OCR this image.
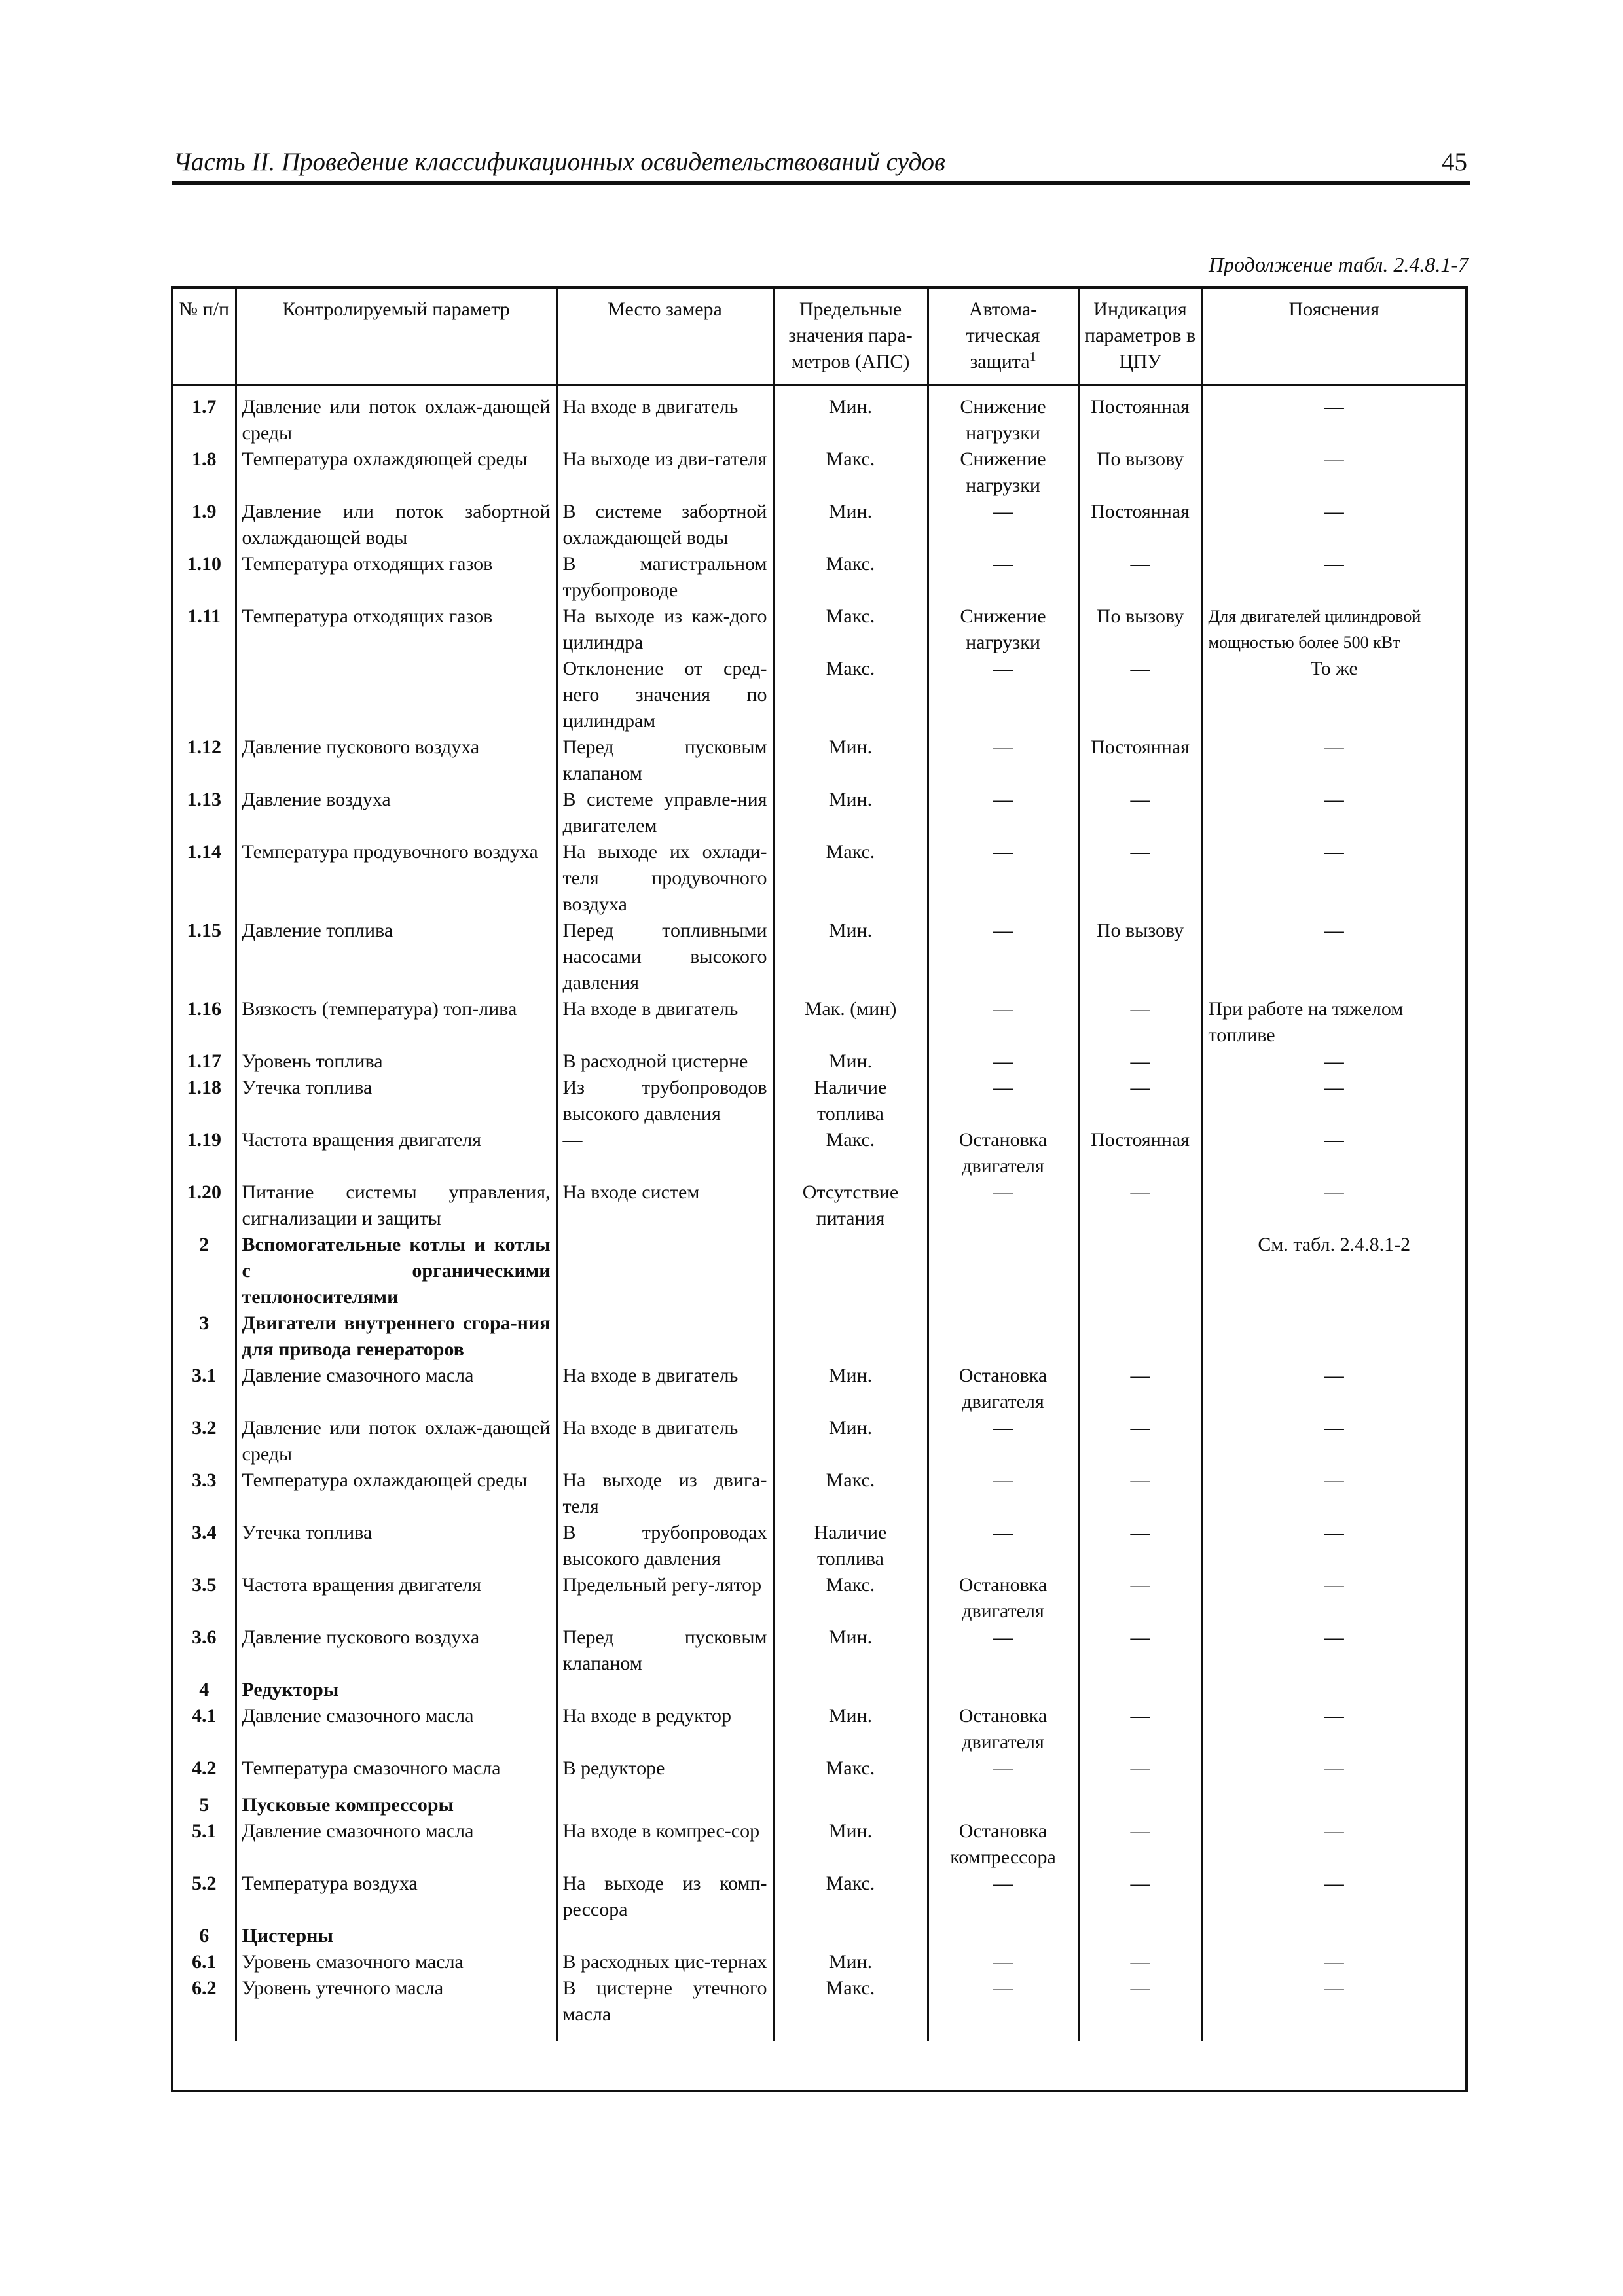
Часть II. Проведение классификационных освидетельствований судов	45
Продолжение табл. 2.4.8.1-7
№ п/п	Контролируемый параметр	Место замера	Предельные значения пара-метров (АПС)	Автома-тическая защита$^1$	Индикация параметров в ЦПУ	Пояснения
1.7	Давление или поток охлаж-дающей среды	На входе в двигатель	Мин.	Снижение нагрузки	Постоянная	—
1.8	Температура охлаждяющей среды	На выходе из дви-гателя	Макс.	Снижение нагрузки	По вызову	—
1.9	Давление или поток забортной охлаждающей воды	В системе забортной охлаждающей воды	Мин.	—	Постоянная	—
1.10	Температура отходящих газов	В магистральном трубопроводе	Макс.	—	—	—
1.11	Температура отходящих газов	На выходе из каж-дого цилиндра	Макс.	Снижение нагрузки	По вызову	Для двигателей цилиндровой мощностью более 500 кВт
		Отклонение от сред-него значения по цилиндрам	Макс.	—	—	То же
1.12	Давление пускового воздуха	Перед пусковым клапаном	Мин.	—	Постоянная	—
1.13	Давление воздуха	В системе управле-ния двигателем	Мин.	—	—	—
1.14	Температура продувочного воздуха	На выходе их охлади-теля продувочного воздуха	Макс.	—	—	—
1.15	Давление топлива	Перед топливными насосами высокого давления	Мин.	—	По вызову	—
1.16	Вязкость (температура) топ-лива	На входе в двигатель	Мак. (мин)	—	—	При работе на тяжелом топливе
1.17	Уровень топлива	В расходной цистерне	Мин.	—	—	—
1.18	Утечка топлива	Из трубопроводов высокого давления	Наличие топлива	—	—	—
1.19	Частота вращения двигателя	—	Макс.	Остановка двигателя	Постоянная	—
1.20	Питание системы управления, сигнализации и защиты	На входе систем	Отсутствие питания	—	—	—
2	Вспомогательные котлы и котлы с органическими теплоносителями					См. табл. 2.4.8.1-2
3	Двигатели внутреннего сгора-ния для привода генераторов					
3.1	Давление смазочного масла	На входе в двигатель	Мин.	Остановка двигателя	—	—
3.2	Давление или поток охлаж-дающей среды	На входе в двигатель	Мин.	—	—	—
3.3	Температура охлаждающей среды	На выходе из двига-теля	Макс.	—	—	—
3.4	Утечка топлива	В трубопроводах высокого давления	Наличие топлива	—	—	—
3.5	Частота вращения двигателя	Предельный регу-лятор	Макс.	Остановка двигателя	—	—
3.6	Давление пускового воздуха	Перед пусковым клапаном	Мин.	—	—	—
4	Редукторы					
4.1	Давление смазочного масла	На входе в редуктор	Мин.	Остановка двигателя	—	—
4.2	Температура смазочного масла	В редукторе	Макс.	—	—	—

5	Пусковые компрессоры					
5.1	Давление смазочного масла	На входе в компрес-сор	Мин.	Остановка компрессора	—	—
5.2	Температура воздуха	На выходе из комп-рессора	Макс.	—	—	—
6	Цистерны					
6.1	Уровень смазочного масла	В расходных цис-тернах	Мин.	—	—	—
6.2	Уровень утечного масла	В цистерне утечного масла	Макс.	—	—	—
